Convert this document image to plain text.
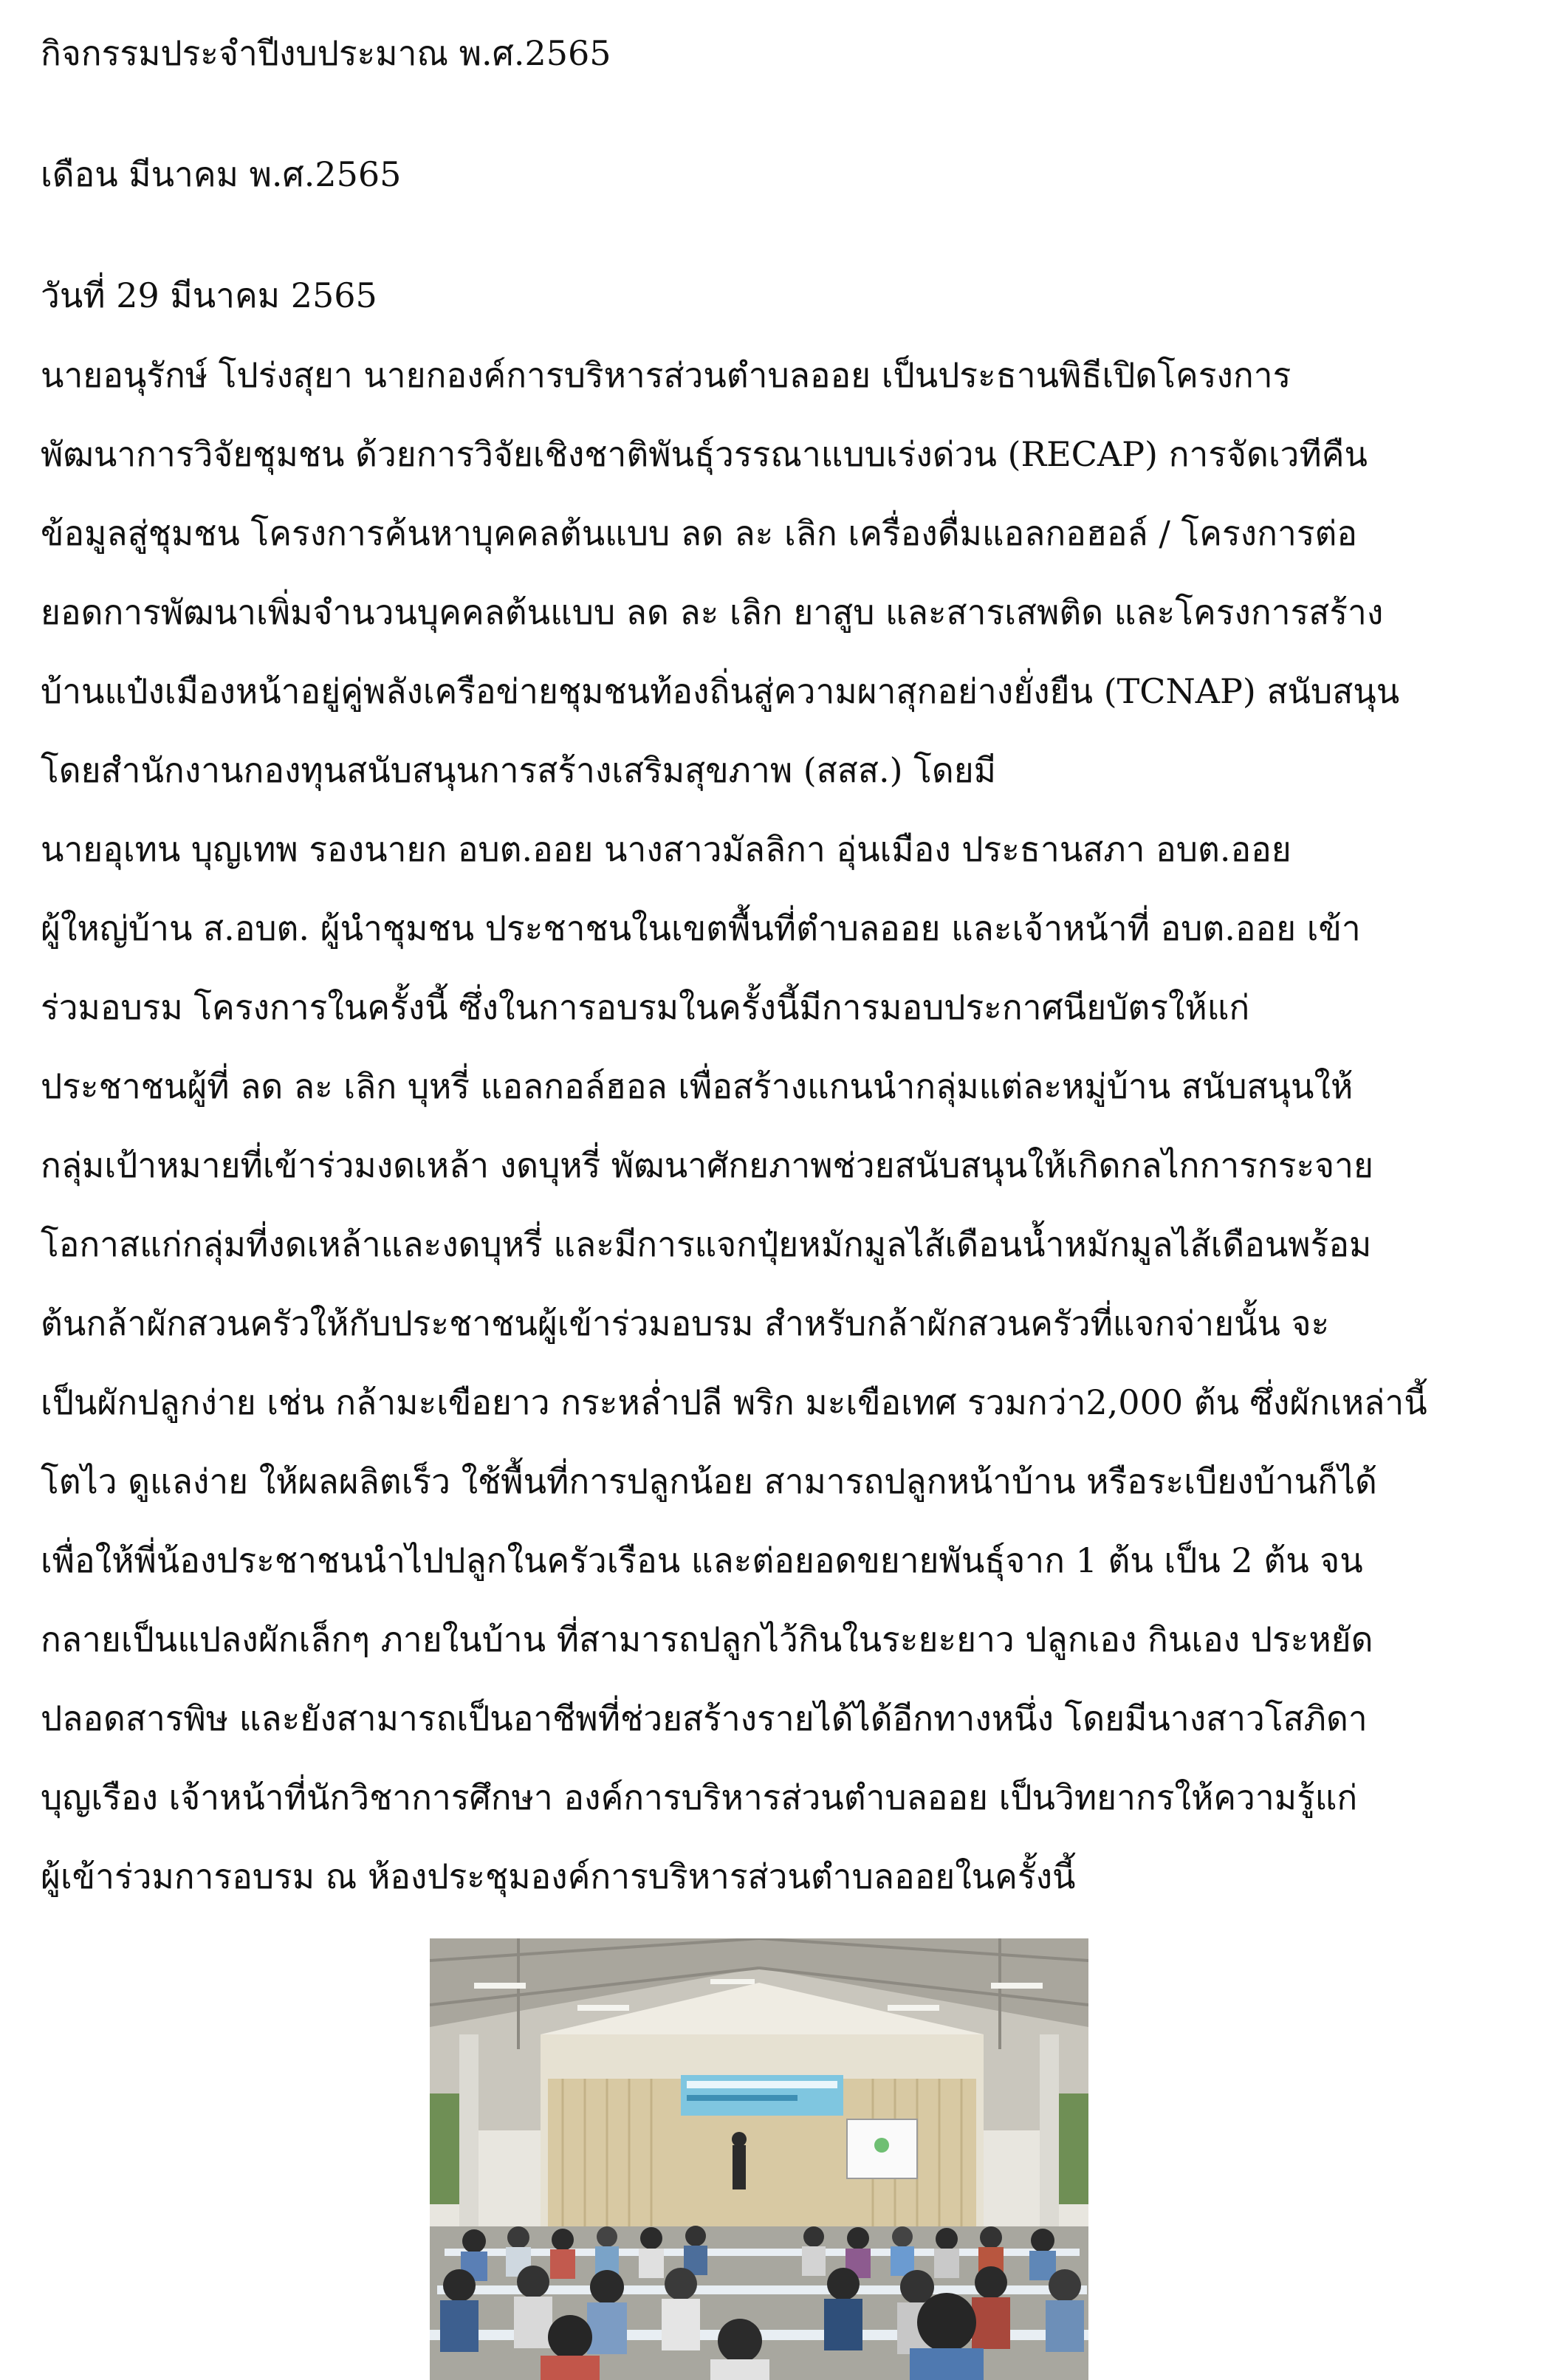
กิจกรรมประจำปีงบประมาณ พ.ศ.2565
เดือน มีนาคม พ.ศ.2565
วันที่ 29 มีนาคม 2565
นายอนุรักษ์ โปร่งสุยา นายกองค์การบริหารส่วนตำบลออย เป็นประธานพิธีเปิดโครงการ
พัฒนาการวิจัยชุมชน ด้วยการวิจัยเชิงชาติพันธุ์วรรณาแบบเร่งด่วน (RECAP) การจัดเวทีคืน
ข้อมูลสู่ชุมชน โครงการค้นหาบุคคลต้นแบบ ลด ละ เลิก เครื่องดื่มแอลกอฮอล์ / โครงการต่อ
ยอดการพัฒนาเพิ่มจำนวนบุคคลต้นแบบ ลด ละ เลิก ยาสูบ และสารเสพติด และโครงการสร้าง
บ้านแป๋งเมืองหน้าอยู่คู่พลังเครือข่ายชุมชนท้องถิ่นสู่ความผาสุกอย่างยั่งยืน (TCNAP) สนับสนุน
โดยสำนักงานกองทุนสนับสนุนการสร้างเสริมสุขภาพ (สสส.) โดยมี
นายอุเทน บุญเทพ รองนายก อบต.ออย นางสาวมัลลิกา อุ่นเมือง ประธานสภา อบต.ออย
ผู้ใหญ่บ้าน ส.อบต. ผู้นำชุมชน ประชาชนในเขตพื้นที่ตำบลออย และเจ้าหน้าที่ อบต.ออย เข้า
ร่วมอบรม โครงการในครั้งนี้ ซึ่งในการอบรมในครั้งนี้มีการมอบประกาศนียบัตรให้แก่
ประชาชนผู้ที่ ลด ละ เลิก บุหรี่ แอลกอล์ฮอล เพื่อสร้างแกนนำกลุ่มแต่ละหมู่บ้าน สนับสนุนให้
กลุ่มเป้าหมายที่เข้าร่วมงดเหล้า งดบุหรี่ พัฒนาศักยภาพช่วยสนับสนุนให้เกิดกลไกการกระจาย
โอกาสแก่กลุ่มที่งดเหล้าและงดบุหรี่ และมีการแจกปุ๋ยหมักมูลไส้เดือนน้ำหมักมูลไส้เดือนพร้อม
ต้นกล้าผักสวนครัวให้กับประชาชนผู้เข้าร่วมอบรม สำหรับกล้าผักสวนครัวที่แจกจ่ายนั้น จะ
เป็นผักปลูกง่าย เช่น กล้ามะเขือยาว กระหล่ำปลี พริก มะเขือเทศ รวมกว่า2,000 ต้น ซึ่งผักเหล่านี้
โตไว ดูแลง่าย ให้ผลผลิตเร็ว ใช้พื้นที่การปลูกน้อย สามารถปลูกหน้าบ้าน หรือระเบียงบ้านก็ได้
เพื่อให้พี่น้องประชาชนนำไปปลูกในครัวเรือน และต่อยอดขยายพันธุ์จาก 1 ต้น เป็น 2 ต้น จน
กลายเป็นแปลงผักเล็กๆ ภายในบ้าน ที่สามารถปลูกไว้กินในระยะยาว ปลูกเอง กินเอง ประหยัด
ปลอดสารพิษ และยังสามารถเป็นอาชีพที่ช่วยสร้างรายได้ได้อีกทางหนึ่ง โดยมีนางสาวโสภิดา
บุญเรือง เจ้าหน้าที่นักวิชาการศึกษา องค์การบริหารส่วนตำบลออย เป็นวิทยากรให้ความรู้แก่
ผู้เข้าร่วมการอบรม ณ ห้องประชุมองค์การบริหารส่วนตำบลออยในครั้งนี้
